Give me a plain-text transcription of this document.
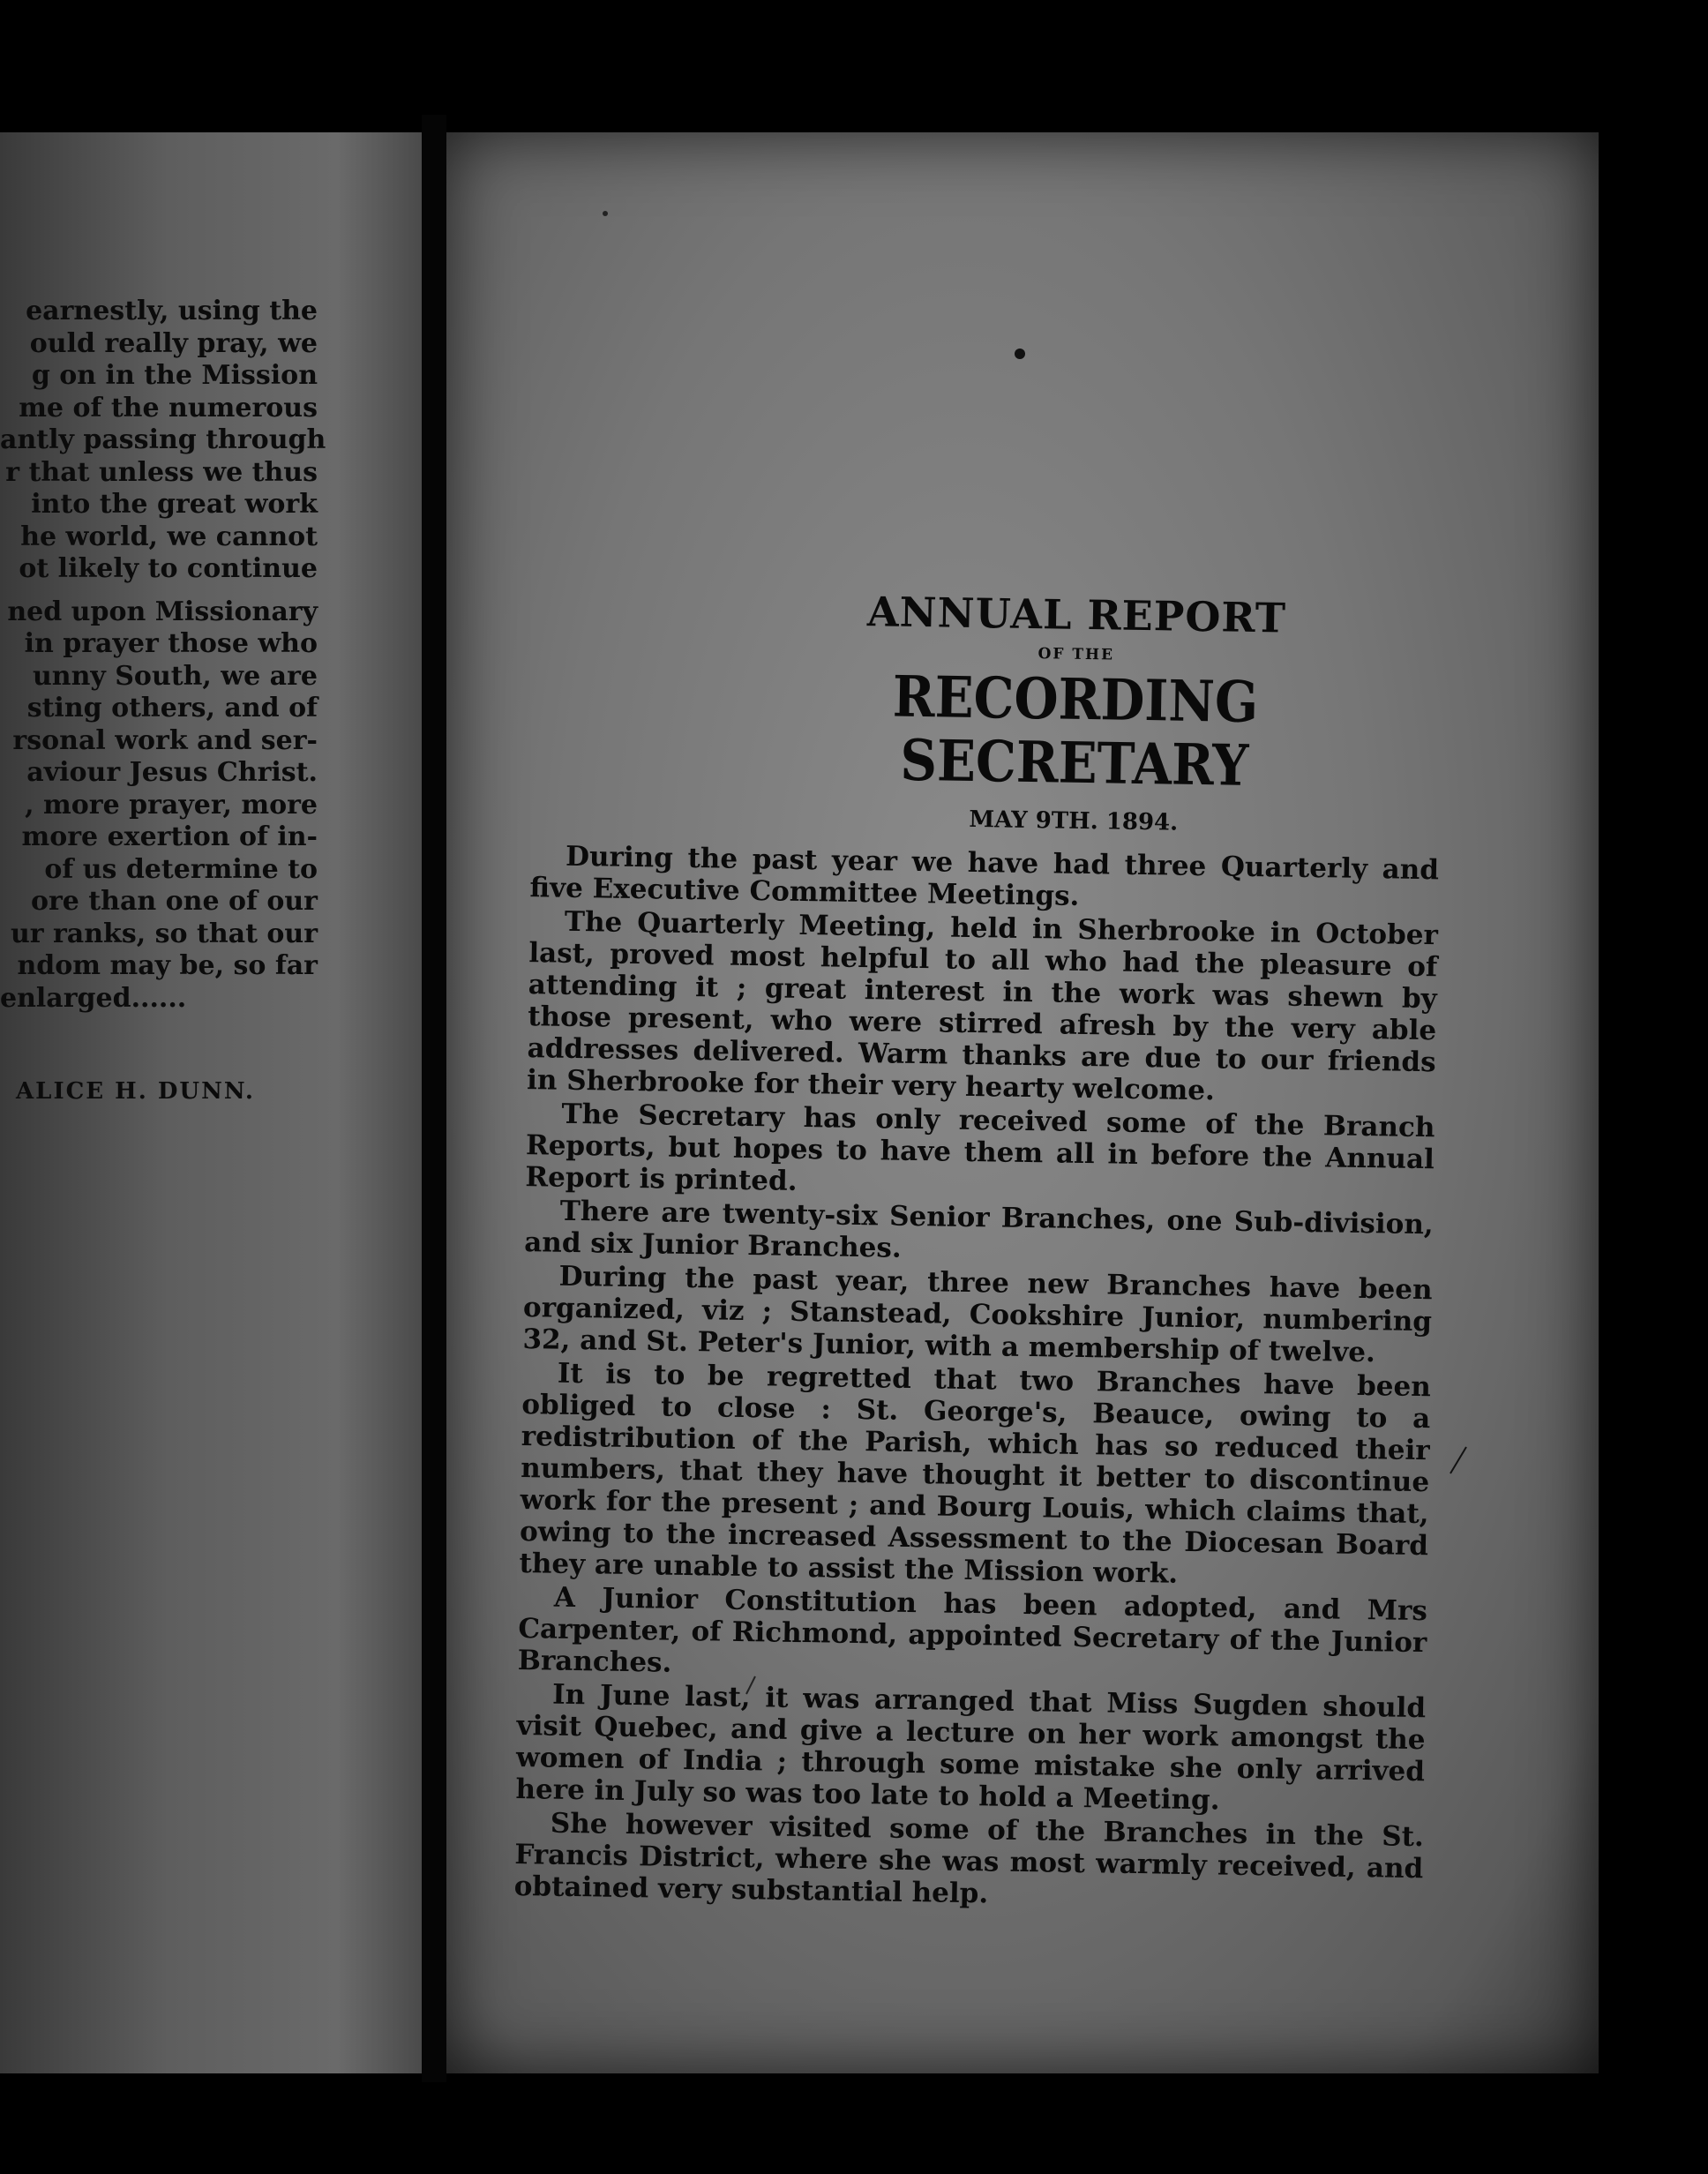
earnestly, using the
ould really pray, we
g on in the Mission
me of the numerous
antly passing through
r that unless we thus
into the great work
he world, we cannot
ot likely to continue
ned upon Missionary
in prayer those who
unny South, we are
sting others, and of
rsonal work and ser-
aviour Jesus Christ.
, more prayer, more
more exertion of in-
of us determine to
ore than one of our
ur ranks, so that our
ndom may be, so far
enlarged......
ALICE H. DUNN.
ANNUAL REPORT
OF THE
RECORDING SECRETARY
MAY 9TH. 1894.

During the past year we have had three Quarterly and five Executive Committee Meetings.

The Quarterly Meeting, held in Sherbrooke in October last, proved most helpful to all who had the pleasure of attending it ; great interest in the work was shewn by those present, who were stirred afresh by the very able addresses delivered. Warm thanks are due to our friends in Sherbrooke for their very hearty welcome.

The Secretary has only received some of the Branch Reports, but hopes to have them all in before the Annual Report is printed.

There are twenty-six Senior Branches, one Sub-division, and six Junior Branches.

During the past year, three new Branches have been organized, viz ; Stanstead, Cookshire Junior, numbering 32, and St. Peter's Junior, with a membership of twelve.

It is to be regretted that two Branches have been obliged to close : St. George's, Beauce, owing to a redistribution of the Parish, which has so reduced their numbers, that they have thought it better to discontinue work for the present ; and Bourg Louis, which claims that, owing to the increased Assessment to the Diocesan Board they are unable to assist the Mission work.

A Junior Constitution has been adopted, and Mrs Carpenter, of Richmond, appointed Secretary of the Junior Branches.

In June last, it was arranged that Miss Sugden should visit Quebec, and give a lecture on her work amongst the women of India ; through some mistake she only arrived here in July so was too late to hold a Meeting.

She however visited some of the Branches in the St. Francis District, where she was most warmly received, and obtained very substantial help.
